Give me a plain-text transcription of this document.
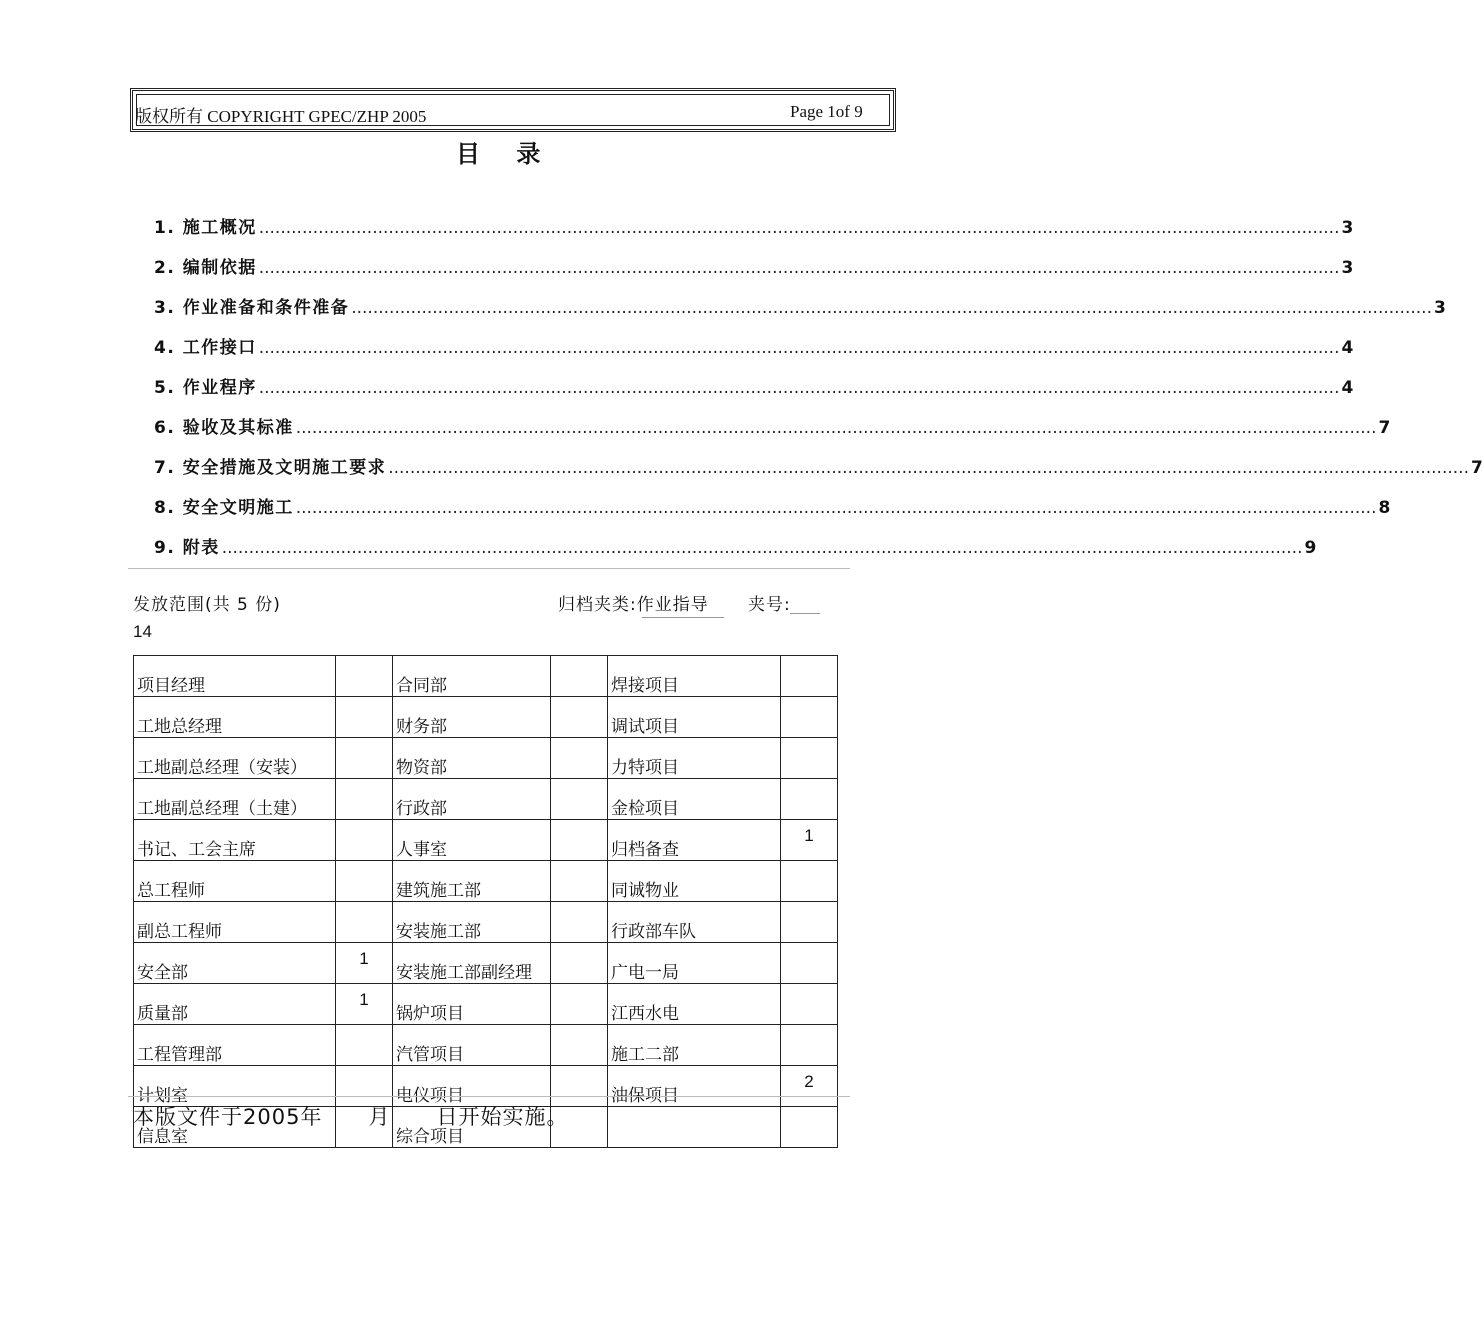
版权所有 COPYRIGHT GPEC/ZHP 2005	Page 1of 9
目 录
1. 施工概况 ........................................................................................................................................................................................................ 3
2. 编制依据 ........................................................................................................................................................................................................ 3
3. 作业准备和条件准备 ........................................................................................................................................................................................................ 3
4. 工作接口 ........................................................................................................................................................................................................ 4
5. 作业程序 ........................................................................................................................................................................................................ 4
6. 验收及其标准 ........................................................................................................................................................................................................ 7
7. 安全措施及文明施工要求 ........................................................................................................................................................................................................ 7
8. 安全文明施工 ........................................................................................................................................................................................................ 8
9. 附表 ........................................................................................................................................................................................................ 9
发放范围(共 5 份)	归档夹类:作业指导 夹号:
14
项目经理		合同部		焊接项目	
工地总经理		财务部		调试项目	
工地副总经理（安装）		物资部		力特项目	
工地副总经理（土建）		行政部		金检项目	
书记、工会主席		人事室		归档备查	1
总工程师		建筑施工部		同诚物业	
副总工程师		安装施工部		行政部车队	
安全部	1	安装施工部副经理		广电一局	
质量部	1	锅炉项目		江西水电	
工程管理部		汽管项目		施工二部	
计划室		电仪项目		油保项目	2
信息室		综合项目			
本版文件于2005年      月      日开始实施。
